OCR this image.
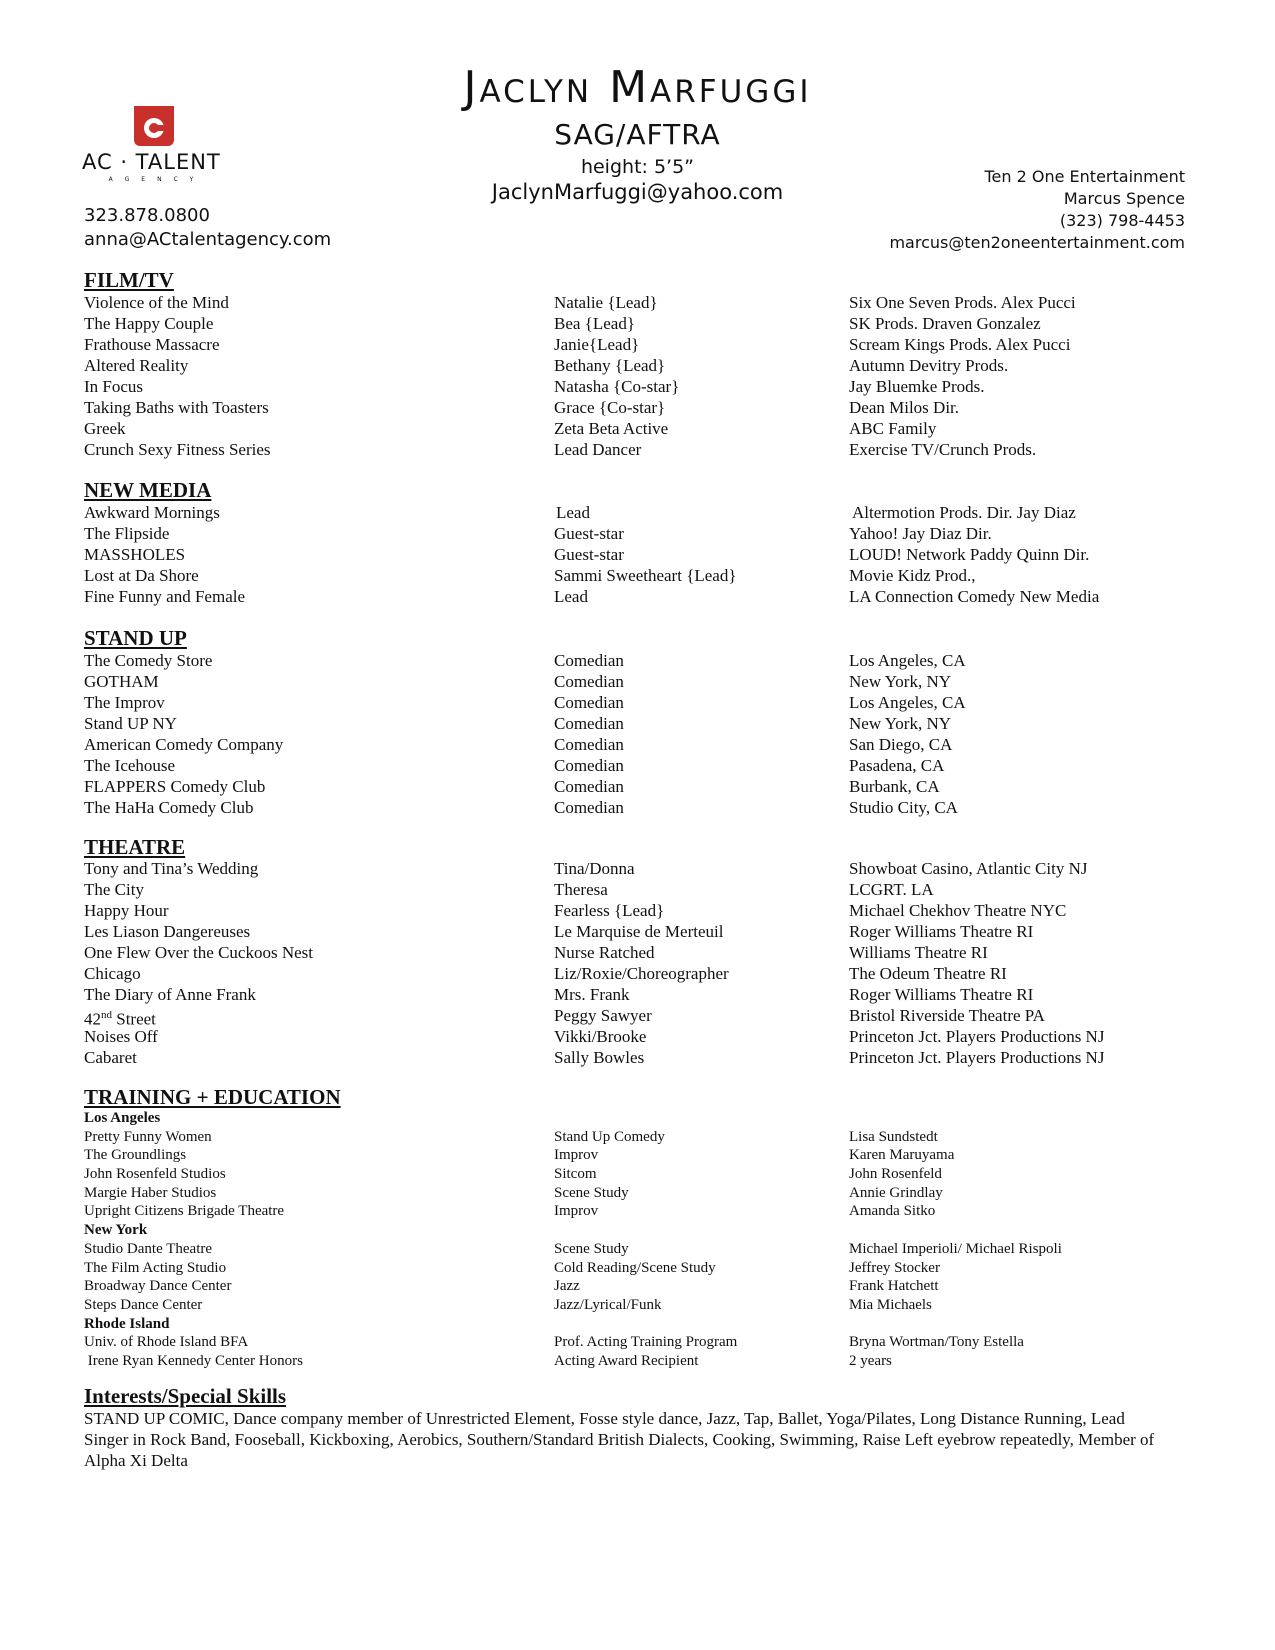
Jaclyn Marfuggi
SAG/AFTRA
height: 5’5”
JaclynMarfuggi@yahoo.com
AC · TALENT
AGENCY
323.878.0800
anna@ACtalentagency.com
Ten 2 One Entertainment
Marcus Spence
(323) 798-4453
marcus@ten2oneentertainment.com
FILM/TV
Violence of the Mind	Natalie {Lead}	Six One Seven Prods. Alex Pucci
The Happy Couple	Bea {Lead}	SK Prods. Draven Gonzalez
Frathouse Massacre	Janie{Lead}	Scream Kings Prods. Alex Pucci
Altered Reality	Bethany {Lead}	Autumn Devitry Prods.
In Focus	Natasha {Co-star}	Jay Bluemke Prods.
Taking Baths with Toasters	Grace {Co-star}	Dean Milos Dir.
Greek	Zeta Beta Active	ABC Family
Crunch Sexy Fitness Series	Lead Dancer	Exercise TV/Crunch Prods.
NEW MEDIA
Awkward Mornings	Lead	Altermotion Prods. Dir. Jay Diaz
The Flipside	Guest-star	Yahoo! Jay Diaz Dir.
MASSHOLES	Guest-star	LOUD! Network Paddy Quinn Dir.
Lost at Da Shore	Sammi Sweetheart {Lead}	Movie Kidz Prod.,
Fine Funny and Female	Lead	LA Connection Comedy New Media
STAND UP
The Comedy Store	Comedian	Los Angeles, CA
GOTHAM	Comedian	New York, NY
The Improv	Comedian	Los Angeles, CA
Stand UP NY	Comedian	New York, NY
American Comedy Company	Comedian	San Diego, CA
The Icehouse	Comedian	Pasadena, CA
FLAPPERS Comedy Club	Comedian	Burbank, CA
The HaHa Comedy Club	Comedian	Studio City, CA
THEATRE
Tony and Tina’s Wedding	Tina/Donna	Showboat Casino, Atlantic City NJ
The City	Theresa	LCGRT. LA
Happy Hour	Fearless {Lead}	Michael Chekhov Theatre NYC
Les Liason Dangereuses	Le Marquise de Merteuil	Roger Williams Theatre RI
One Flew Over the Cuckoos Nest	Nurse Ratched	Williams Theatre RI
Chicago	Liz/Roxie/Choreographer	The Odeum Theatre RI
The Diary of Anne Frank	Mrs. Frank	Roger Williams Theatre RI
42nd Street	Peggy Sawyer	Bristol Riverside Theatre PA
Noises Off	Vikki/Brooke	Princeton Jct. Players Productions NJ
Cabaret	Sally Bowles	Princeton Jct. Players Productions NJ
TRAINING + EDUCATION
Los Angeles
Pretty Funny Women	Stand Up Comedy	Lisa Sundstedt
The Groundlings	Improv	Karen Maruyama
John Rosenfeld Studios	Sitcom	John Rosenfeld
Margie Haber Studios	Scene Study	Annie Grindlay
Upright Citizens Brigade Theatre	Improv	Amanda Sitko
New York
Studio Dante Theatre	Scene Study	Michael Imperioli/ Michael Rispoli
The Film Acting Studio	Cold Reading/Scene Study	Jeffrey Stocker
Broadway Dance Center	Jazz	Frank Hatchett
Steps Dance Center	Jazz/Lyrical/Funk	Mia Michaels
Rhode Island
Univ. of Rhode Island BFA	Prof. Acting Training Program	Bryna Wortman/Tony Estella
Irene Ryan Kennedy Center Honors	Acting Award Recipient	2 years
Interests/Special Skills
STAND UP COMIC, Dance company member of Unrestricted Element, Fosse style dance, Jazz, Tap, Ballet, Yoga/Pilates, Long Distance Running, Lead Singer in Rock Band, Fooseball, Kickboxing, Aerobics, Southern/Standard British Dialects, Cooking, Swimming, Raise Left eyebrow repeatedly, Member of Alpha Xi Delta
